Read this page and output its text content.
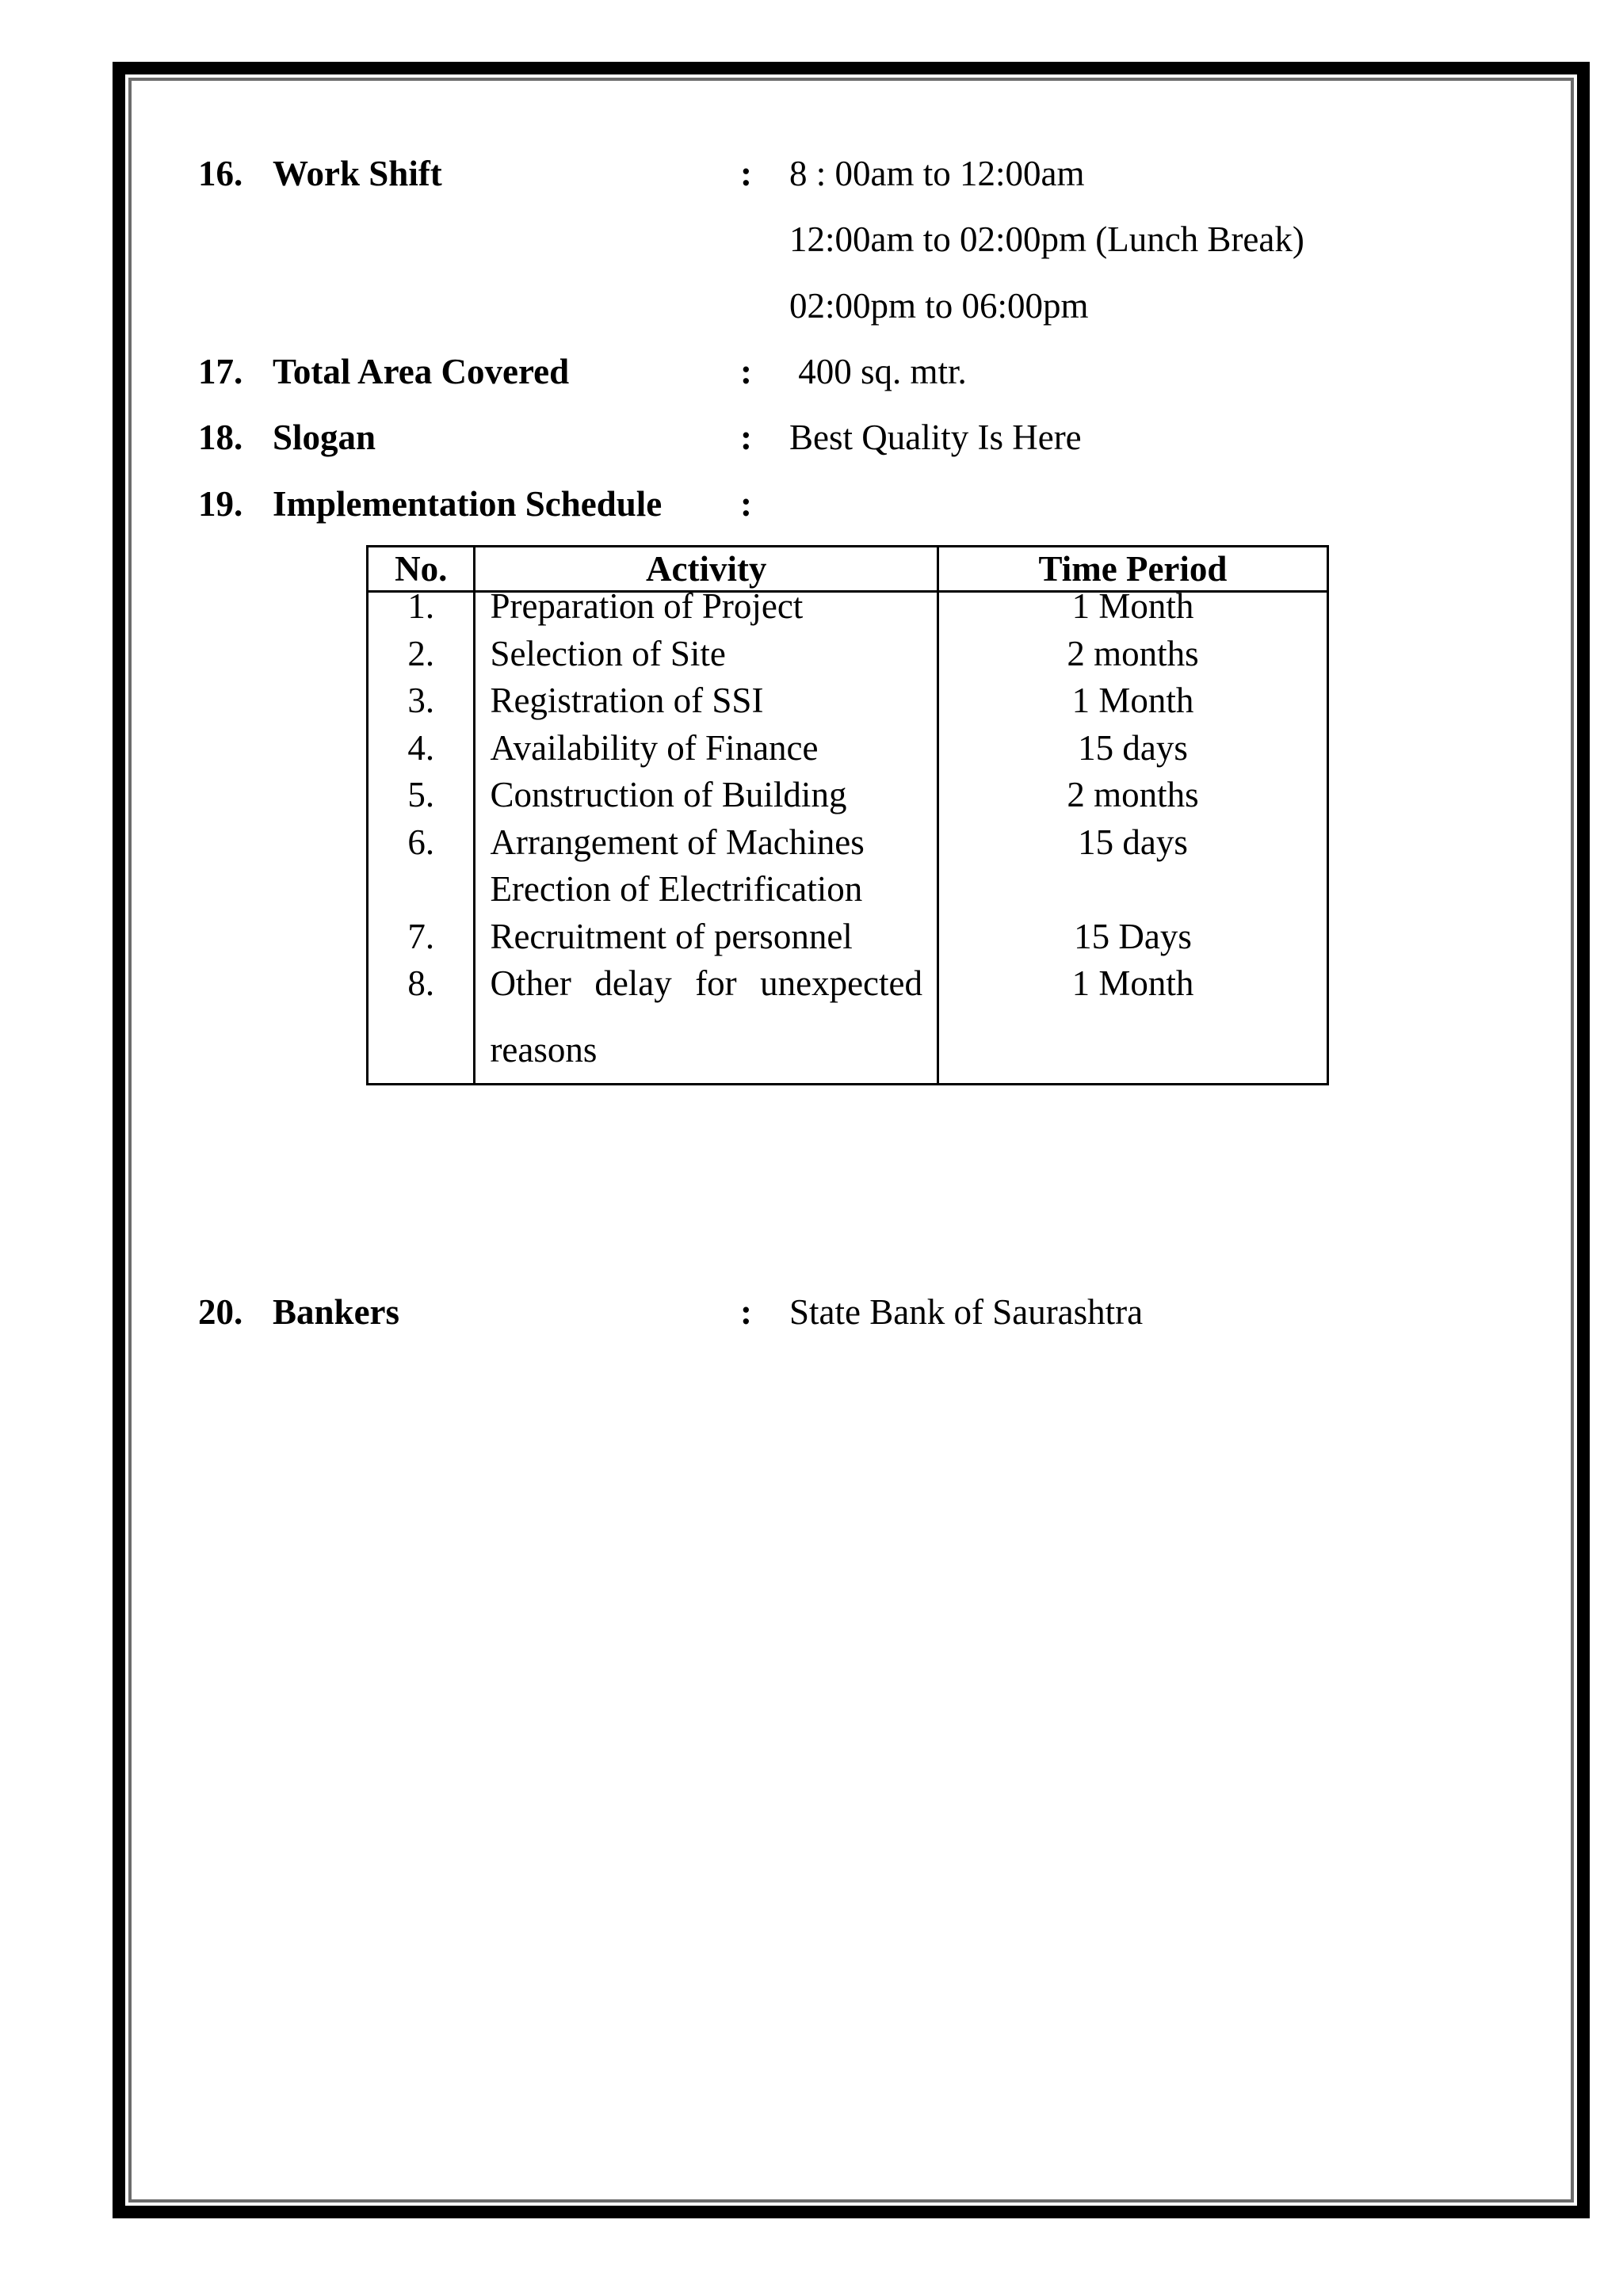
16. Work Shift	: 8 : 00am to 12:00am
12:00am to 02:00pm (Lunch Break)
02:00pm to 06:00pm
17. Total Area Covered	: 400 sq. mtr.
18. Slogan	: Best Quality Is Here
19. Implementation Schedule :
No.	Activity	Time Period

1.	Preparation of Project	1 Month

2.	Selection of Site	2 months

3.	Registration of SSI	1 Month

4.	Availability of Finance	15 days

5.	Construction of Building	2 months

6.	Arrangement of Machines	15 days

	Erection of Electrification	

7.	Recruitment of personnel	15 Days

8.	Other delay for unexpected reasons	1 Month
20. Bankers	: State Bank of Saurashtra
